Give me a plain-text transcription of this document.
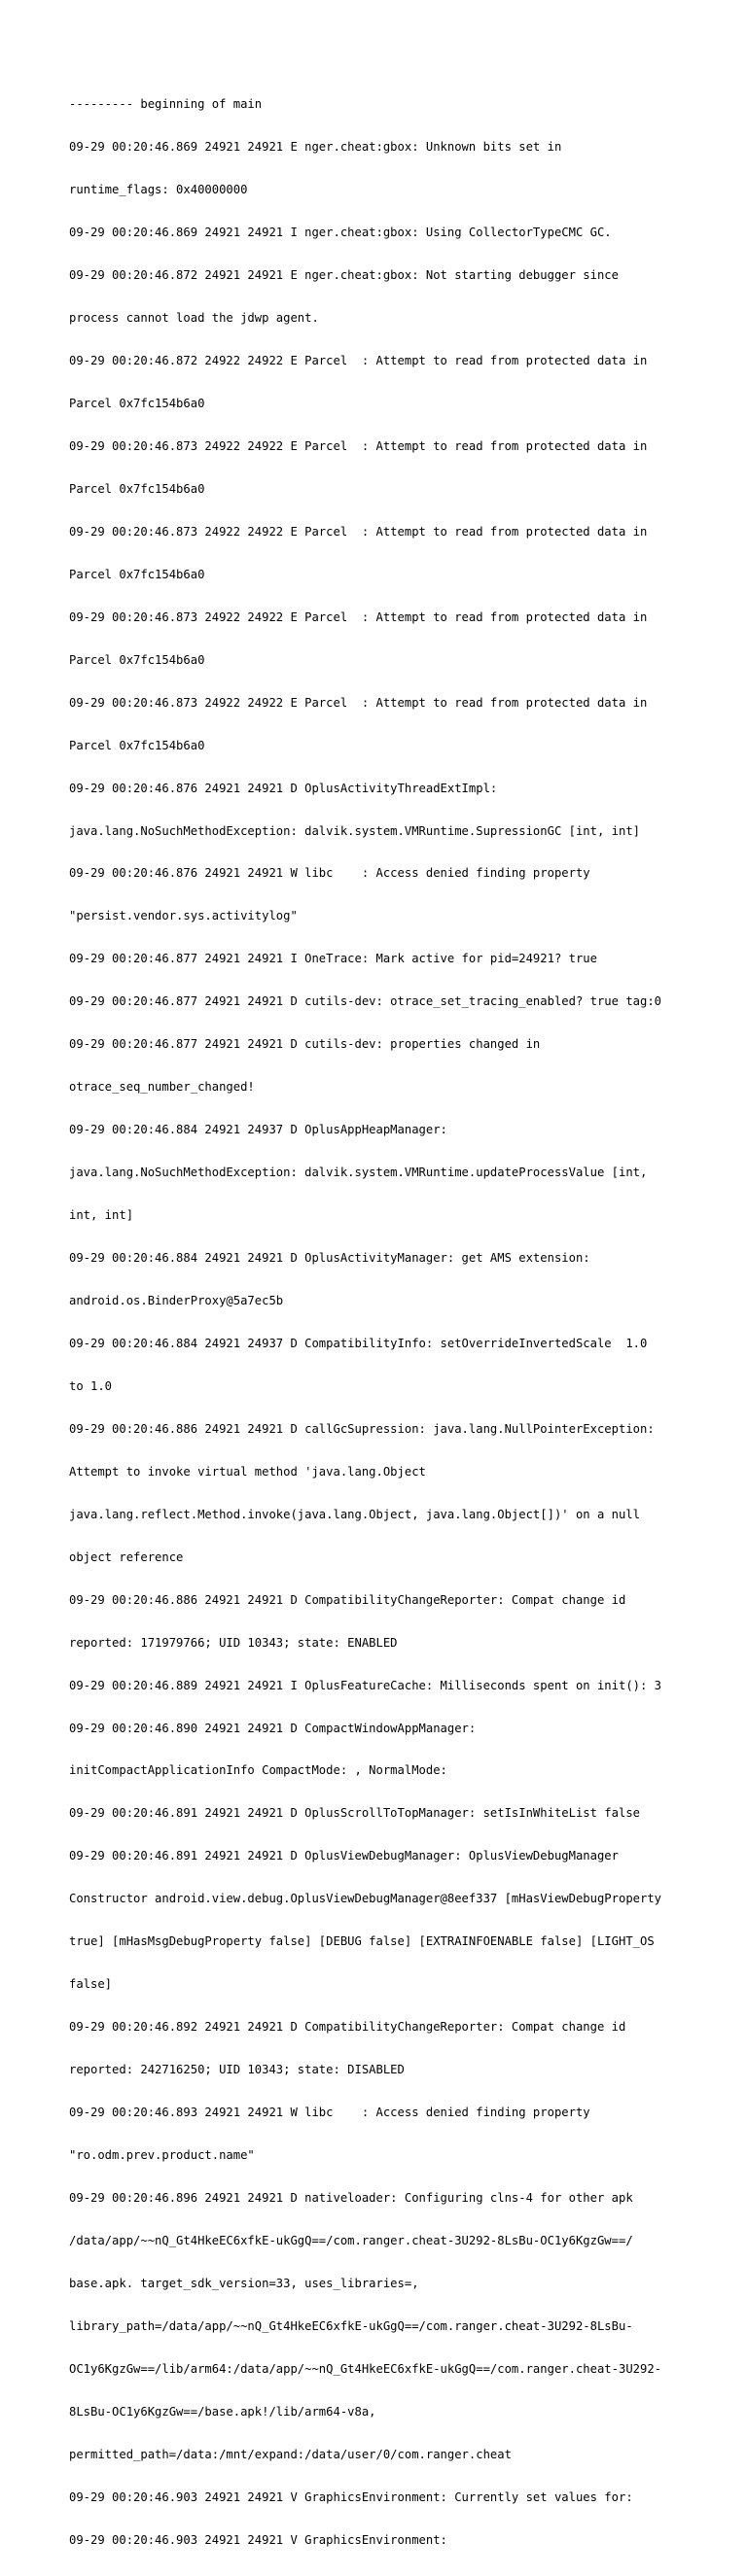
--------- beginning of main

09-29 00:20:46.869 24921 24921 E nger.cheat:gbox: Unknown bits set in

runtime_flags: 0x40000000

09-29 00:20:46.869 24921 24921 I nger.cheat:gbox: Using CollectorTypeCMC GC.

09-29 00:20:46.872 24921 24921 E nger.cheat:gbox: Not starting debugger since

process cannot load the jdwp agent.

09-29 00:20:46.872 24922 24922 E Parcel  : Attempt to read from protected data in

Parcel 0x7fc154b6a0

09-29 00:20:46.873 24922 24922 E Parcel  : Attempt to read from protected data in

Parcel 0x7fc154b6a0

09-29 00:20:46.873 24922 24922 E Parcel  : Attempt to read from protected data in

Parcel 0x7fc154b6a0

09-29 00:20:46.873 24922 24922 E Parcel  : Attempt to read from protected data in

Parcel 0x7fc154b6a0

09-29 00:20:46.873 24922 24922 E Parcel  : Attempt to read from protected data in

Parcel 0x7fc154b6a0

09-29 00:20:46.876 24921 24921 D OplusActivityThreadExtImpl:

java.lang.NoSuchMethodException: dalvik.system.VMRuntime.SupressionGC [int, int]

09-29 00:20:46.876 24921 24921 W libc    : Access denied finding property

"persist.vendor.sys.activitylog"

09-29 00:20:46.877 24921 24921 I OneTrace: Mark active for pid=24921? true

09-29 00:20:46.877 24921 24921 D cutils-dev: otrace_set_tracing_enabled? true tag:0

09-29 00:20:46.877 24921 24921 D cutils-dev: properties changed in

otrace_seq_number_changed!

09-29 00:20:46.884 24921 24937 D OplusAppHeapManager:

java.lang.NoSuchMethodException: dalvik.system.VMRuntime.updateProcessValue [int,

int, int]

09-29 00:20:46.884 24921 24921 D OplusActivityManager: get AMS extension:

android.os.BinderProxy@5a7ec5b

09-29 00:20:46.884 24921 24937 D CompatibilityInfo: setOverrideInvertedScale  1.0

to 1.0

09-29 00:20:46.886 24921 24921 D callGcSupression: java.lang.NullPointerException:

Attempt to invoke virtual method 'java.lang.Object

java.lang.reflect.Method.invoke(java.lang.Object, java.lang.Object[])' on a null

object reference

09-29 00:20:46.886 24921 24921 D CompatibilityChangeReporter: Compat change id

reported: 171979766; UID 10343; state: ENABLED

09-29 00:20:46.889 24921 24921 I OplusFeatureCache: Milliseconds spent on init(): 3

09-29 00:20:46.890 24921 24921 D CompactWindowAppManager:

initCompactApplicationInfo CompactMode: , NormalMode:

09-29 00:20:46.891 24921 24921 D OplusScrollToTopManager: setIsInWhiteList false

09-29 00:20:46.891 24921 24921 D OplusViewDebugManager: OplusViewDebugManager

Constructor android.view.debug.OplusViewDebugManager@8eef337 [mHasViewDebugProperty

true] [mHasMsgDebugProperty false] [DEBUG false] [EXTRAINFOENABLE false] [LIGHT_OS

false]

09-29 00:20:46.892 24921 24921 D CompatibilityChangeReporter: Compat change id

reported: 242716250; UID 10343; state: DISABLED

09-29 00:20:46.893 24921 24921 W libc    : Access denied finding property

"ro.odm.prev.product.name"

09-29 00:20:46.896 24921 24921 D nativeloader: Configuring clns-4 for other apk

/data/app/~~nQ_Gt4HkeEC6xfkE-ukGgQ==/com.ranger.cheat-3U292-8LsBu-OC1y6KgzGw==/

base.apk. target_sdk_version=33, uses_libraries=,

library_path=/data/app/~~nQ_Gt4HkeEC6xfkE-ukGgQ==/com.ranger.cheat-3U292-8LsBu-

OC1y6KgzGw==/lib/arm64:/data/app/~~nQ_Gt4HkeEC6xfkE-ukGgQ==/com.ranger.cheat-3U292-

8LsBu-OC1y6KgzGw==/base.apk!/lib/arm64-v8a,

permitted_path=/data:/mnt/expand:/data/user/0/com.ranger.cheat

09-29 00:20:46.903 24921 24921 V GraphicsEnvironment: Currently set values for:

09-29 00:20:46.903 24921 24921 V GraphicsEnvironment:
